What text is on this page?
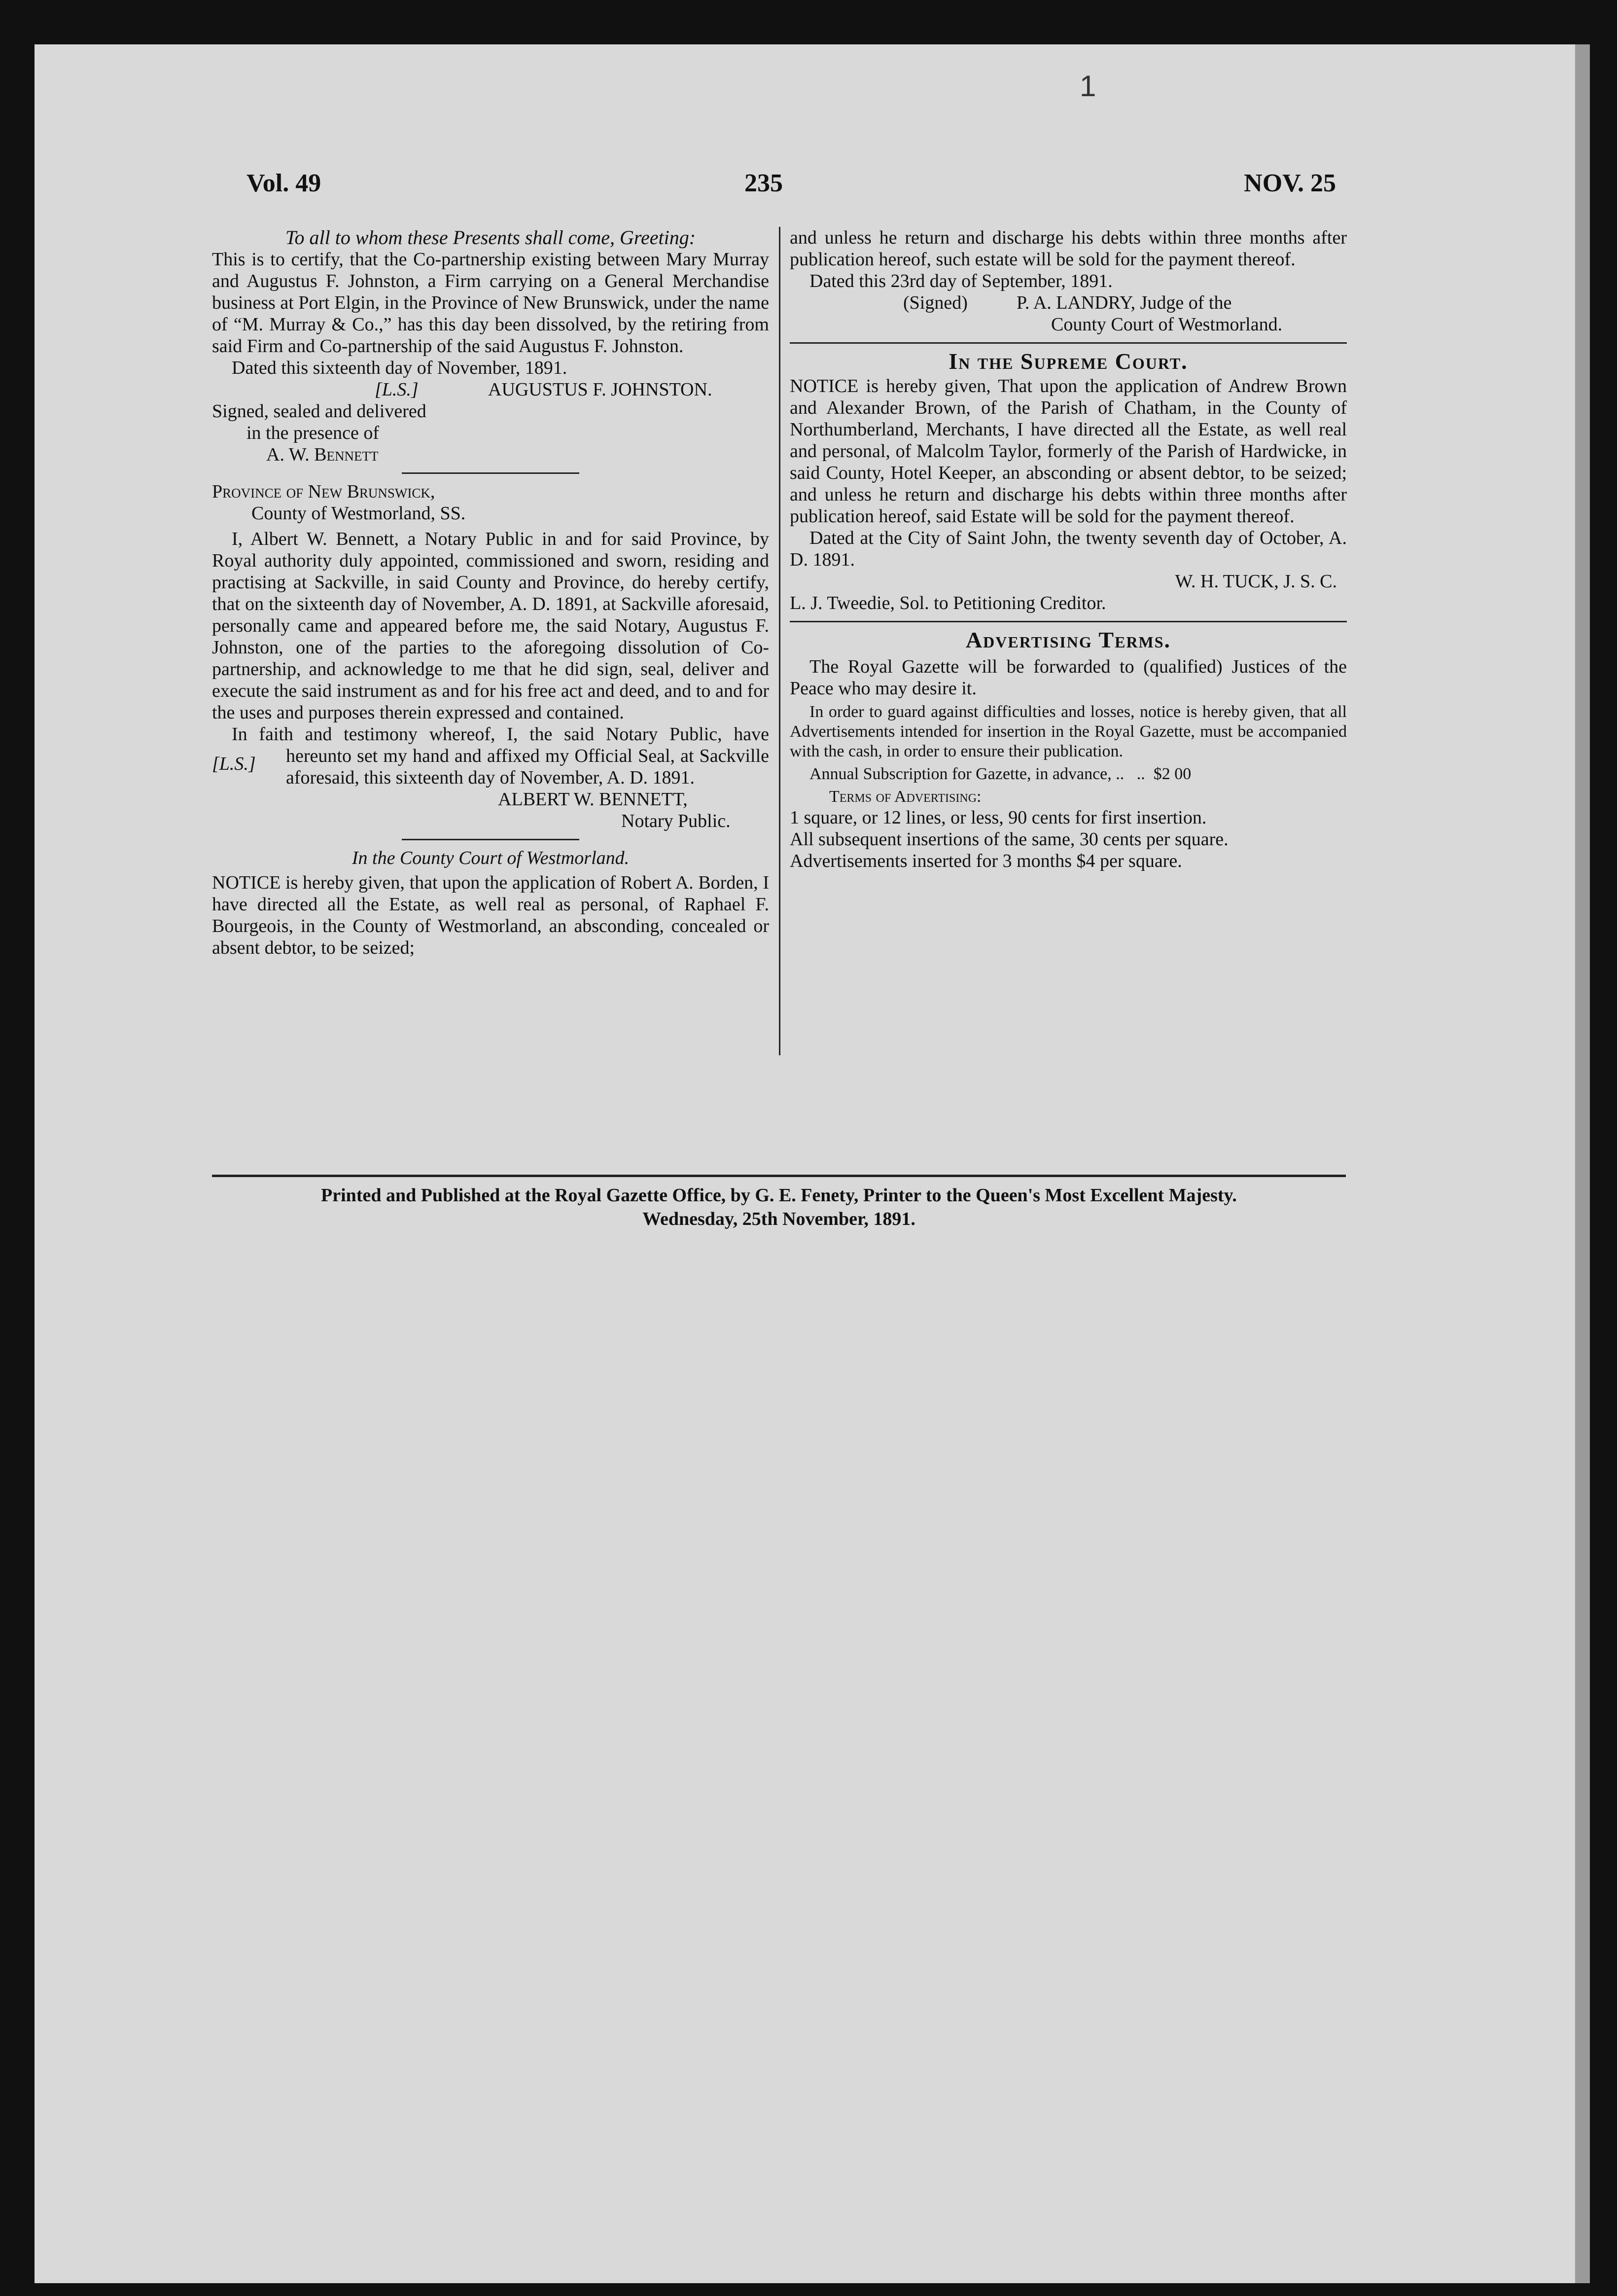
1
Vol. 49	235	NOV. 25

To all to whom these Presents shall come, Greeting:

This is to certify, that the Co-partnership existing between Mary Murray and Augustus F. Johnston, a Firm carrying on a General Merchandise business at Port Elgin, in the Province of New Brunswick, under the name of “M. Murray & Co.,” has this day been dissolved, by the retiring from said Firm and Co-partnership of the said Augustus F. Johnston.

Dated this sixteenth day of November, 1891.

[L.S.]	AUGUSTUS F. JOHNSTON.
Signed, sealed and delivered
in the presence of
A. W. Bennett
Province of New Brunswick,
County of Westmorland, SS.

I, Albert W. Bennett, a Notary Public in and for said Province, by Royal authority duly appointed, commissioned and sworn, residing and practising at Sackville, in said County and Province, do hereby certify, that on the sixteenth day of November, A. D. 1891, at Sackville aforesaid, personally came and appeared before me, the said Notary, Augustus F. Johnston, one of the parties to the aforegoing dissolution of Co-partnership, and acknowledge to me that he did sign, seal, deliver and execute the said instrument as and for his free act and deed, and to and for the uses and purposes therein expressed and contained.

[L.S.]

In faith and testimony whereof, I, the said Notary Public, have hereunto set my hand and affixed my Official Seal, at Sackville aforesaid, this sixteenth day of November, A. D. 1891.

ALBERT W. BENNETT,
Notary Public.
In the County Court of Westmorland.

NOTICE is hereby given, that upon the application of Robert A. Borden, I have directed all the Estate, as well real as personal, of Raphael F. Bourgeois, in the County of Westmorland, an absconding, concealed or absent debtor, to be seized;

and unless he return and discharge his debts within three months after publication hereof, such estate will be sold for the payment thereof.

Dated this 23rd day of September, 1891.

(Signed)	P. A. LANDRY, Judge of the
County Court of Westmorland.
In the Supreme Court.

NOTICE is hereby given, That upon the application of Andrew Brown and Alexander Brown, of the Parish of Chatham, in the County of Northumberland, Merchants, I have directed all the Estate, as well real and personal, of Malcolm Taylor, formerly of the Parish of Hardwicke, in said County, Hotel Keeper, an absconding or absent debtor, to be seized; and unless he return and discharge his debts within three months after publication hereof, said Estate will be sold for the payment thereof.

Dated at the City of Saint John, the twenty seventh day of October, A. D. 1891.

W. H. TUCK, J. S. C.
L. J. Tweedie, Sol. to Petitioning Creditor.
Advertising Terms.

The Royal Gazette will be forwarded to (qualified) Justices of the Peace who may desire it.

In order to guard against difficulties and losses, notice is hereby given, that all Advertisements intended for insertion in the Royal Gazette, must be accompanied with the cash, in order to ensure their publication.

Annual Subscription for Gazette, in advance, ..   ..  $2 00
Terms of Advertising:
1 square, or 12 lines, or less, 90 cents for first insertion.
All subsequent insertions of the same, 30 cents per square.
Advertisements inserted for 3 months $4 per square.
Printed and Published at the Royal Gazette Office, by G. E. Fenety, Printer to the Queen's Most Excellent Majesty.
Wednesday, 25th November, 1891.
